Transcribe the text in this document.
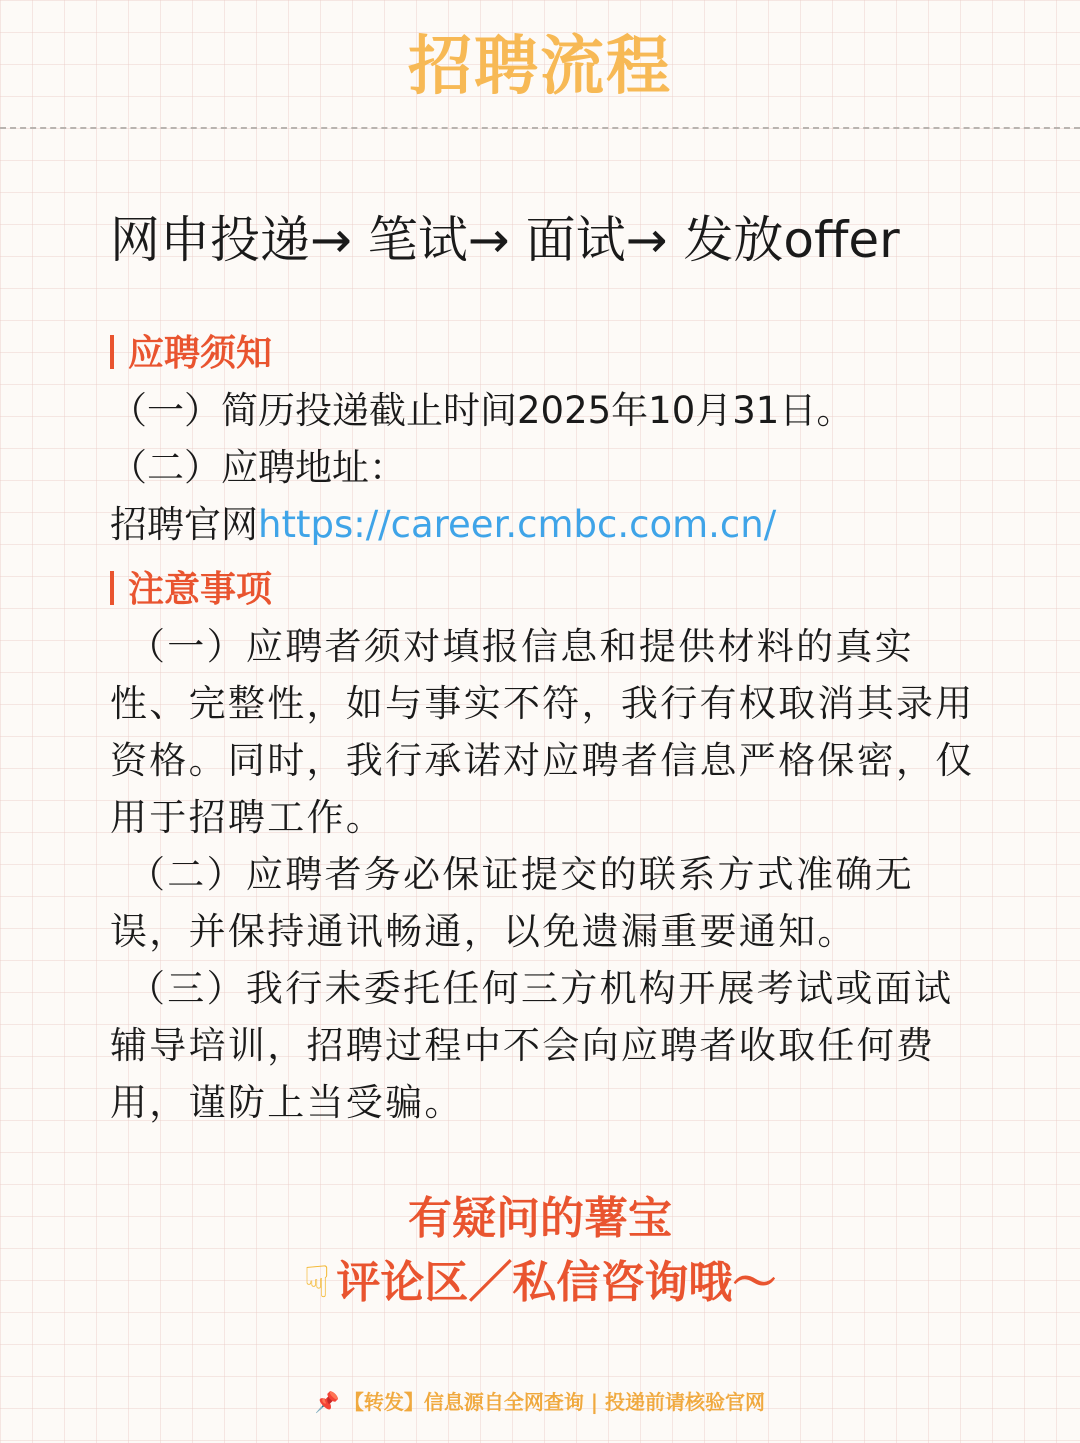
招聘流程
网申投递→ 笔试→ 面试→ 发放offer
应聘须知
（一）简历投递截止时间2025年10月31日。
（二）应聘地址：
招聘官网https://career.cmbc.com.cn/
注意事项
（一）应聘者须对填报信息和提供材料的真实性、完整性，如与事实不符，我行有权取消其录用资格。同时，我行承诺对应聘者信息严格保密，仅用于招聘工作。
（二）应聘者务必保证提交的联系方式准确无误，并保持通讯畅通，以免遗漏重要通知。
（三）我行未委托任何三方机构开展考试或面试辅导培训，招聘过程中不会向应聘者收取任何费用，谨防上当受骗。
有疑问的薯宝
☟ 评论区／私信咨询哦～
📌 【转发】信息源自全网查询 | 投递前请核验官网
